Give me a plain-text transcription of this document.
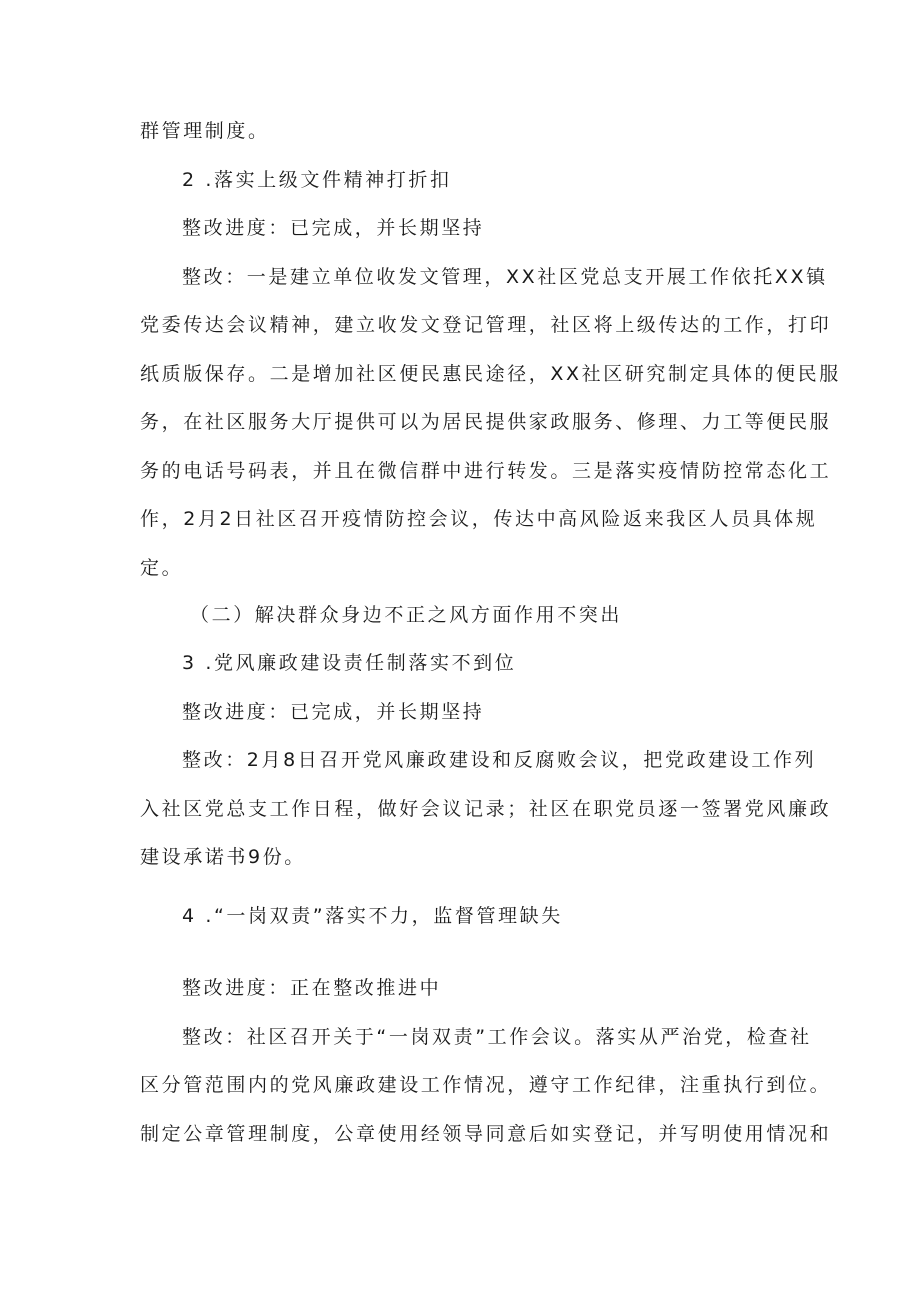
群管理制度。
2 .落实上级文件精神打折扣
整改进度：已完成，并长期坚持
整改：一是建立单位收发文管理，XX社区党总支开展工作依托XX镇
党委传达会议精神，建立收发文登记管理，社区将上级传达的工作，打印
纸质版保存。二是增加社区便民惠民途径，XX社区研究制定具体的便民服
务，在社区服务大厅提供可以为居民提供家政服务、修理、力工等便民服
务的电话号码表，并且在微信群中进行转发。三是落实疫情防控常态化工
作，2月2日社区召开疫情防控会议，传达中高风险返来我区人员具体规
定。
（二）解决群众身边不正之风方面作用不突出
3 .党风廉政建设责任制落实不到位
整改进度：已完成，并长期坚持
整改：2月8日召开党风廉政建设和反腐败会议，把党政建设工作列
入社区党总支工作日程，做好会议记录；社区在职党员逐一签署党风廉政
建设承诺书9份。
4 .“一岗双责”落实不力，监督管理缺失
整改进度：正在整改推进中
整改：社区召开关于“一岗双责”工作会议。落实从严治党，检查社
区分管范围内的党风廉政建设工作情况，遵守工作纪律，注重执行到位。
制定公章管理制度，公章使用经领导同意后如实登记，并写明使用情况和
